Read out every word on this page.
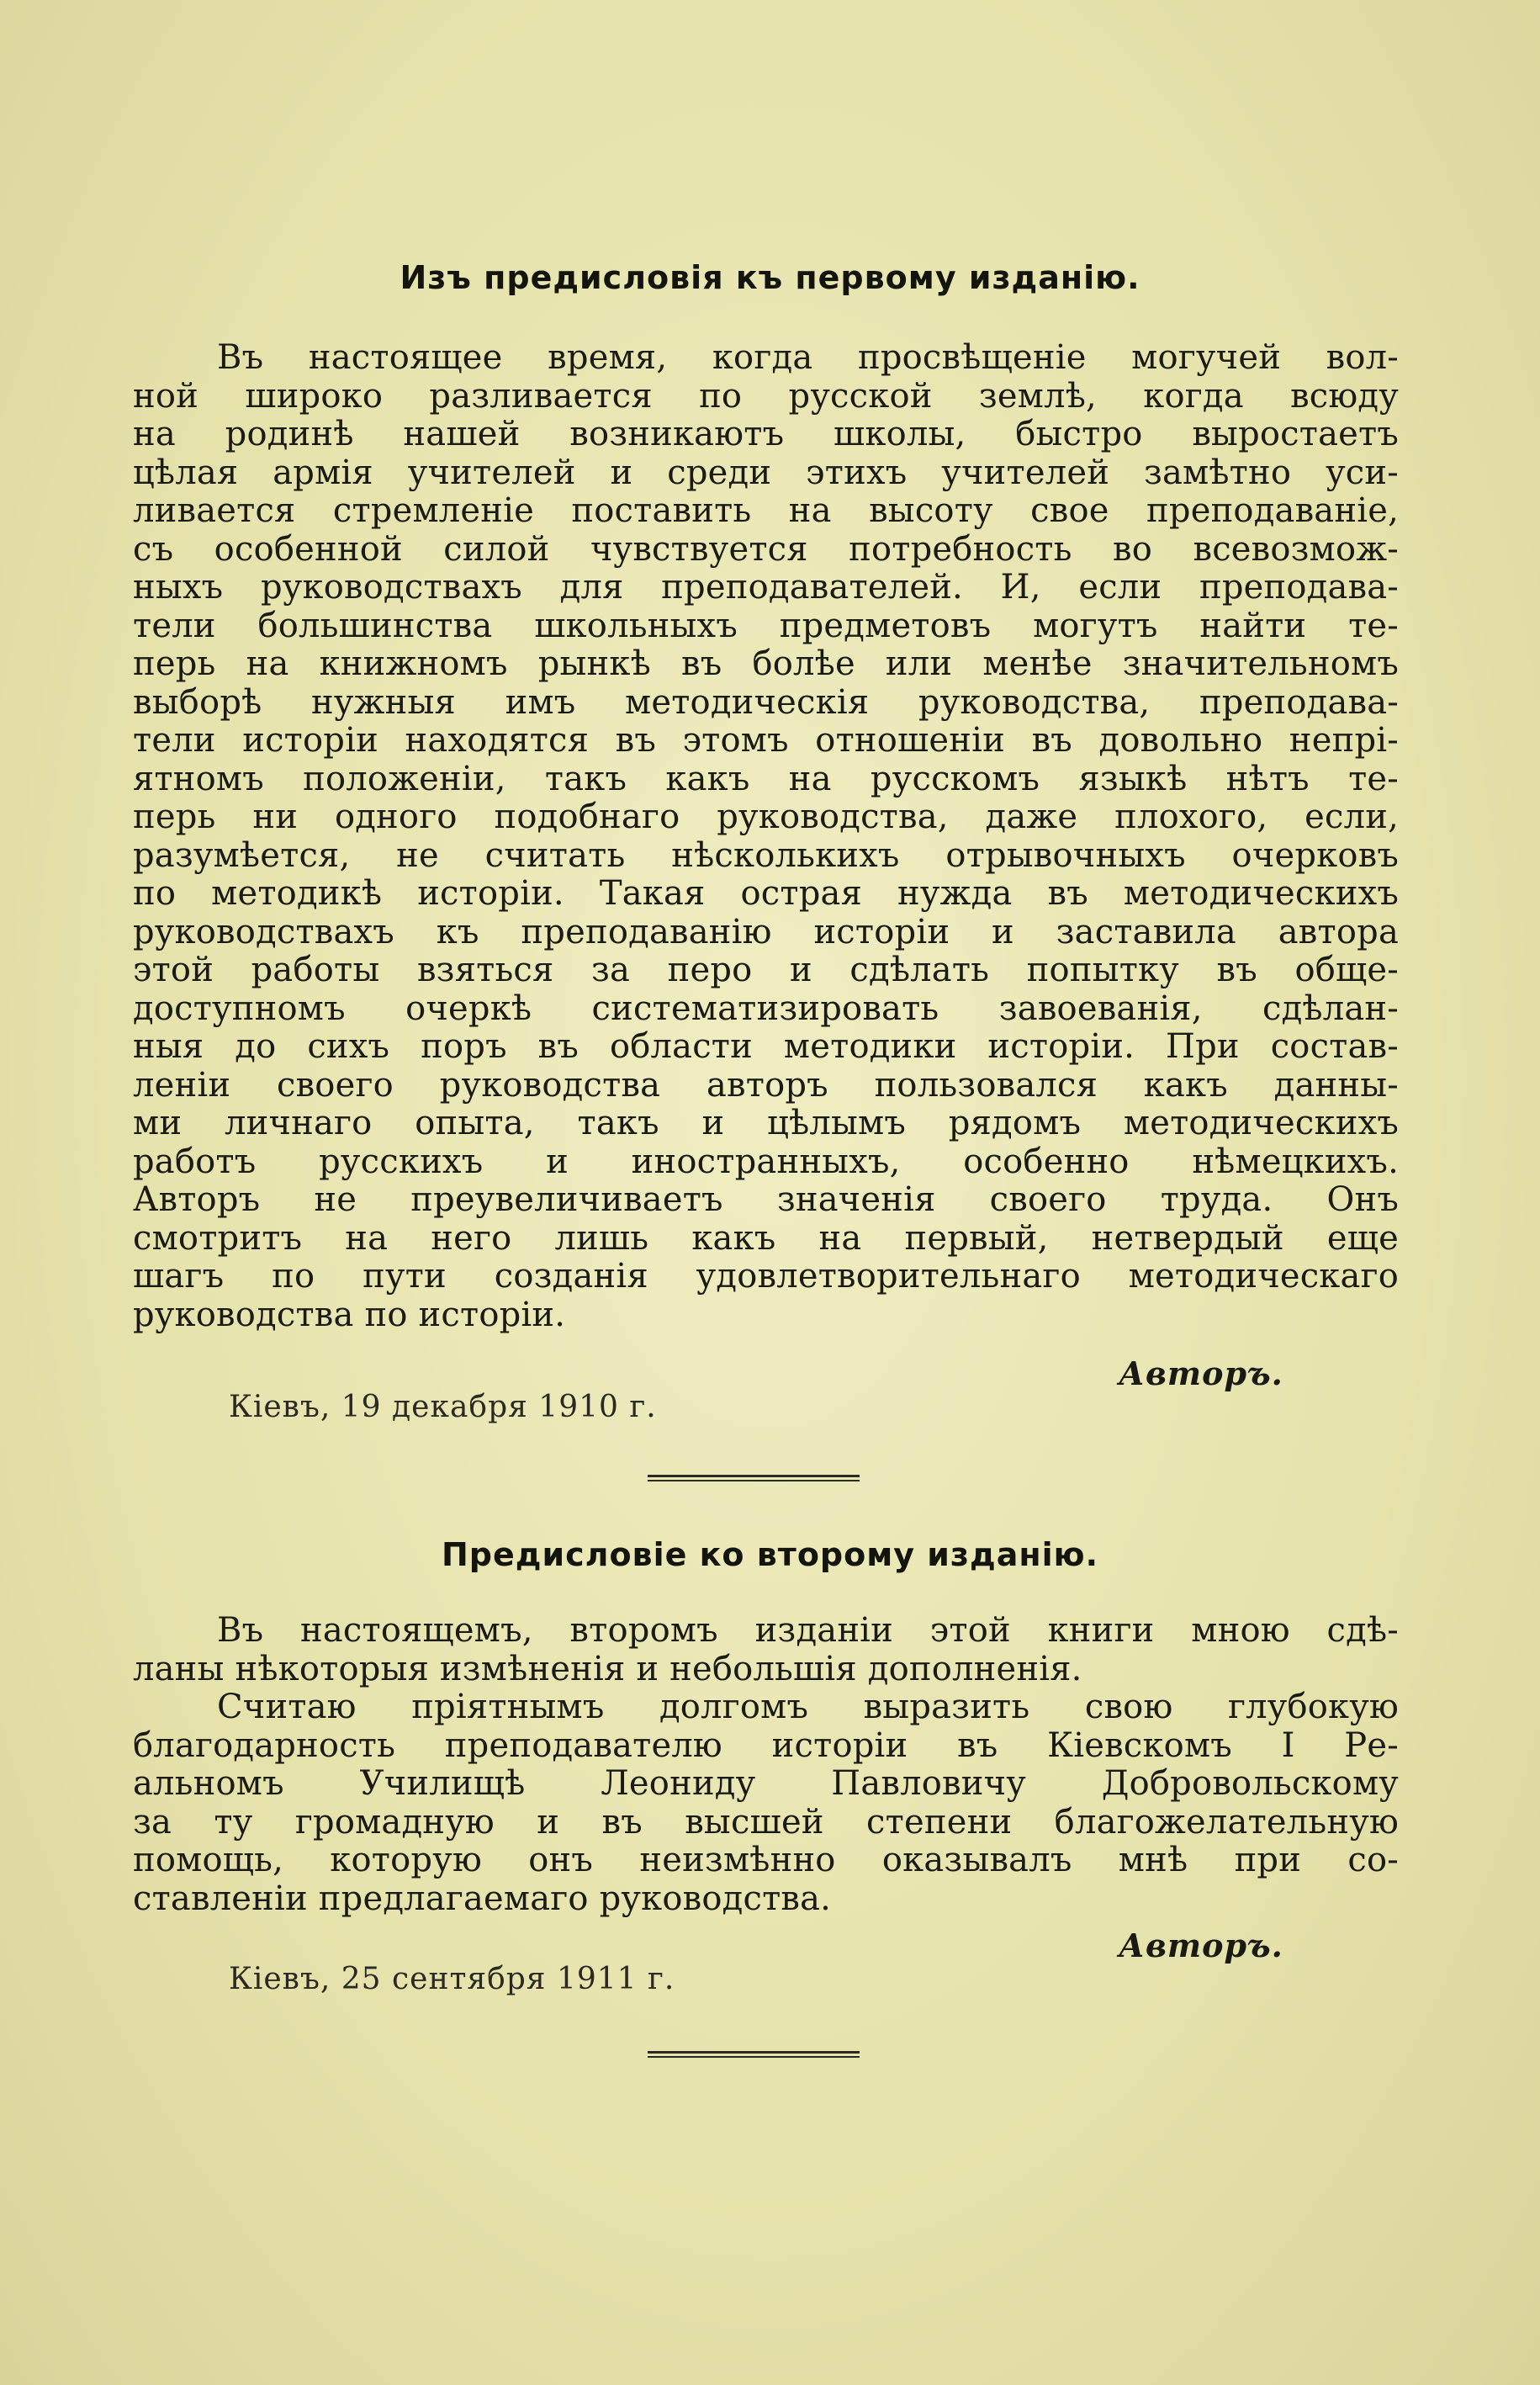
Изъ предисловія къ первому изданію.
Въ настоящее время, когда просвѣщеніе могучей вол-
ной широко разливается по русской землѣ, когда всюду
на родинѣ нашей возникаютъ школы, быстро выростаетъ
цѣлая армія учителей и среди этихъ учителей замѣтно уси-
ливается стремленіе поставить на высоту свое преподаваніе,
съ особенной силой чувствуется потребность во всевозмож-
ныхъ руководствахъ для преподавателей. И, если преподава-
тели большинства школьныхъ предметовъ могутъ найти те-
перь на книжномъ рынкѣ въ болѣе или менѣе значительномъ
выборѣ нужныя имъ методическія руководства, преподава-
тели исторіи находятся въ этомъ отношеніи въ довольно непрі-
ятномъ положеніи, такъ какъ на русскомъ языкѣ нѣтъ те-
перь ни одного подобнаго руководства, даже плохого, если,
разумѣется, не считать нѣсколькихъ отрывочныхъ очерковъ
по методикѣ исторіи. Такая острая нужда въ методическихъ
руководствахъ къ преподаванію исторіи и заставила автора
этой работы взяться за перо и сдѣлать попытку въ обще-
доступномъ очеркѣ систематизировать завоеванія, сдѣлан-
ныя до сихъ поръ въ области методики исторіи. При состав-
леніи своего руководства авторъ пользовался какъ данны-
ми личнаго опыта, такъ и цѣлымъ рядомъ методическихъ
работъ русскихъ и иностранныхъ, особенно нѣмецкихъ.
Авторъ не преувеличиваетъ значенія своего труда. Онъ
смотритъ на него лишь какъ на первый, нетвердый еще
шагъ по пути созданія удовлетворительнаго методическаго
руководства по исторіи.
Авторъ.
Кіевъ, 19 декабря 1910 г.
Предисловіе ко второму изданію.
Въ настоящемъ, второмъ изданіи этой книги мною сдѣ-
ланы нѣкоторыя измѣненія и небольшія дополненія.
Считаю пріятнымъ долгомъ выразить свою глубокую
благодарность преподавателю исторіи въ Кіевскомъ I Ре-
альномъ Училищѣ Леониду Павловичу Добровольскому
за ту громадную и въ высшей степени благожелательную
помощь, которую онъ неизмѣнно оказывалъ мнѣ при со-
ставленіи предлагаемаго руководства.
Авторъ.
Кіевъ, 25 сентября 1911 г.
